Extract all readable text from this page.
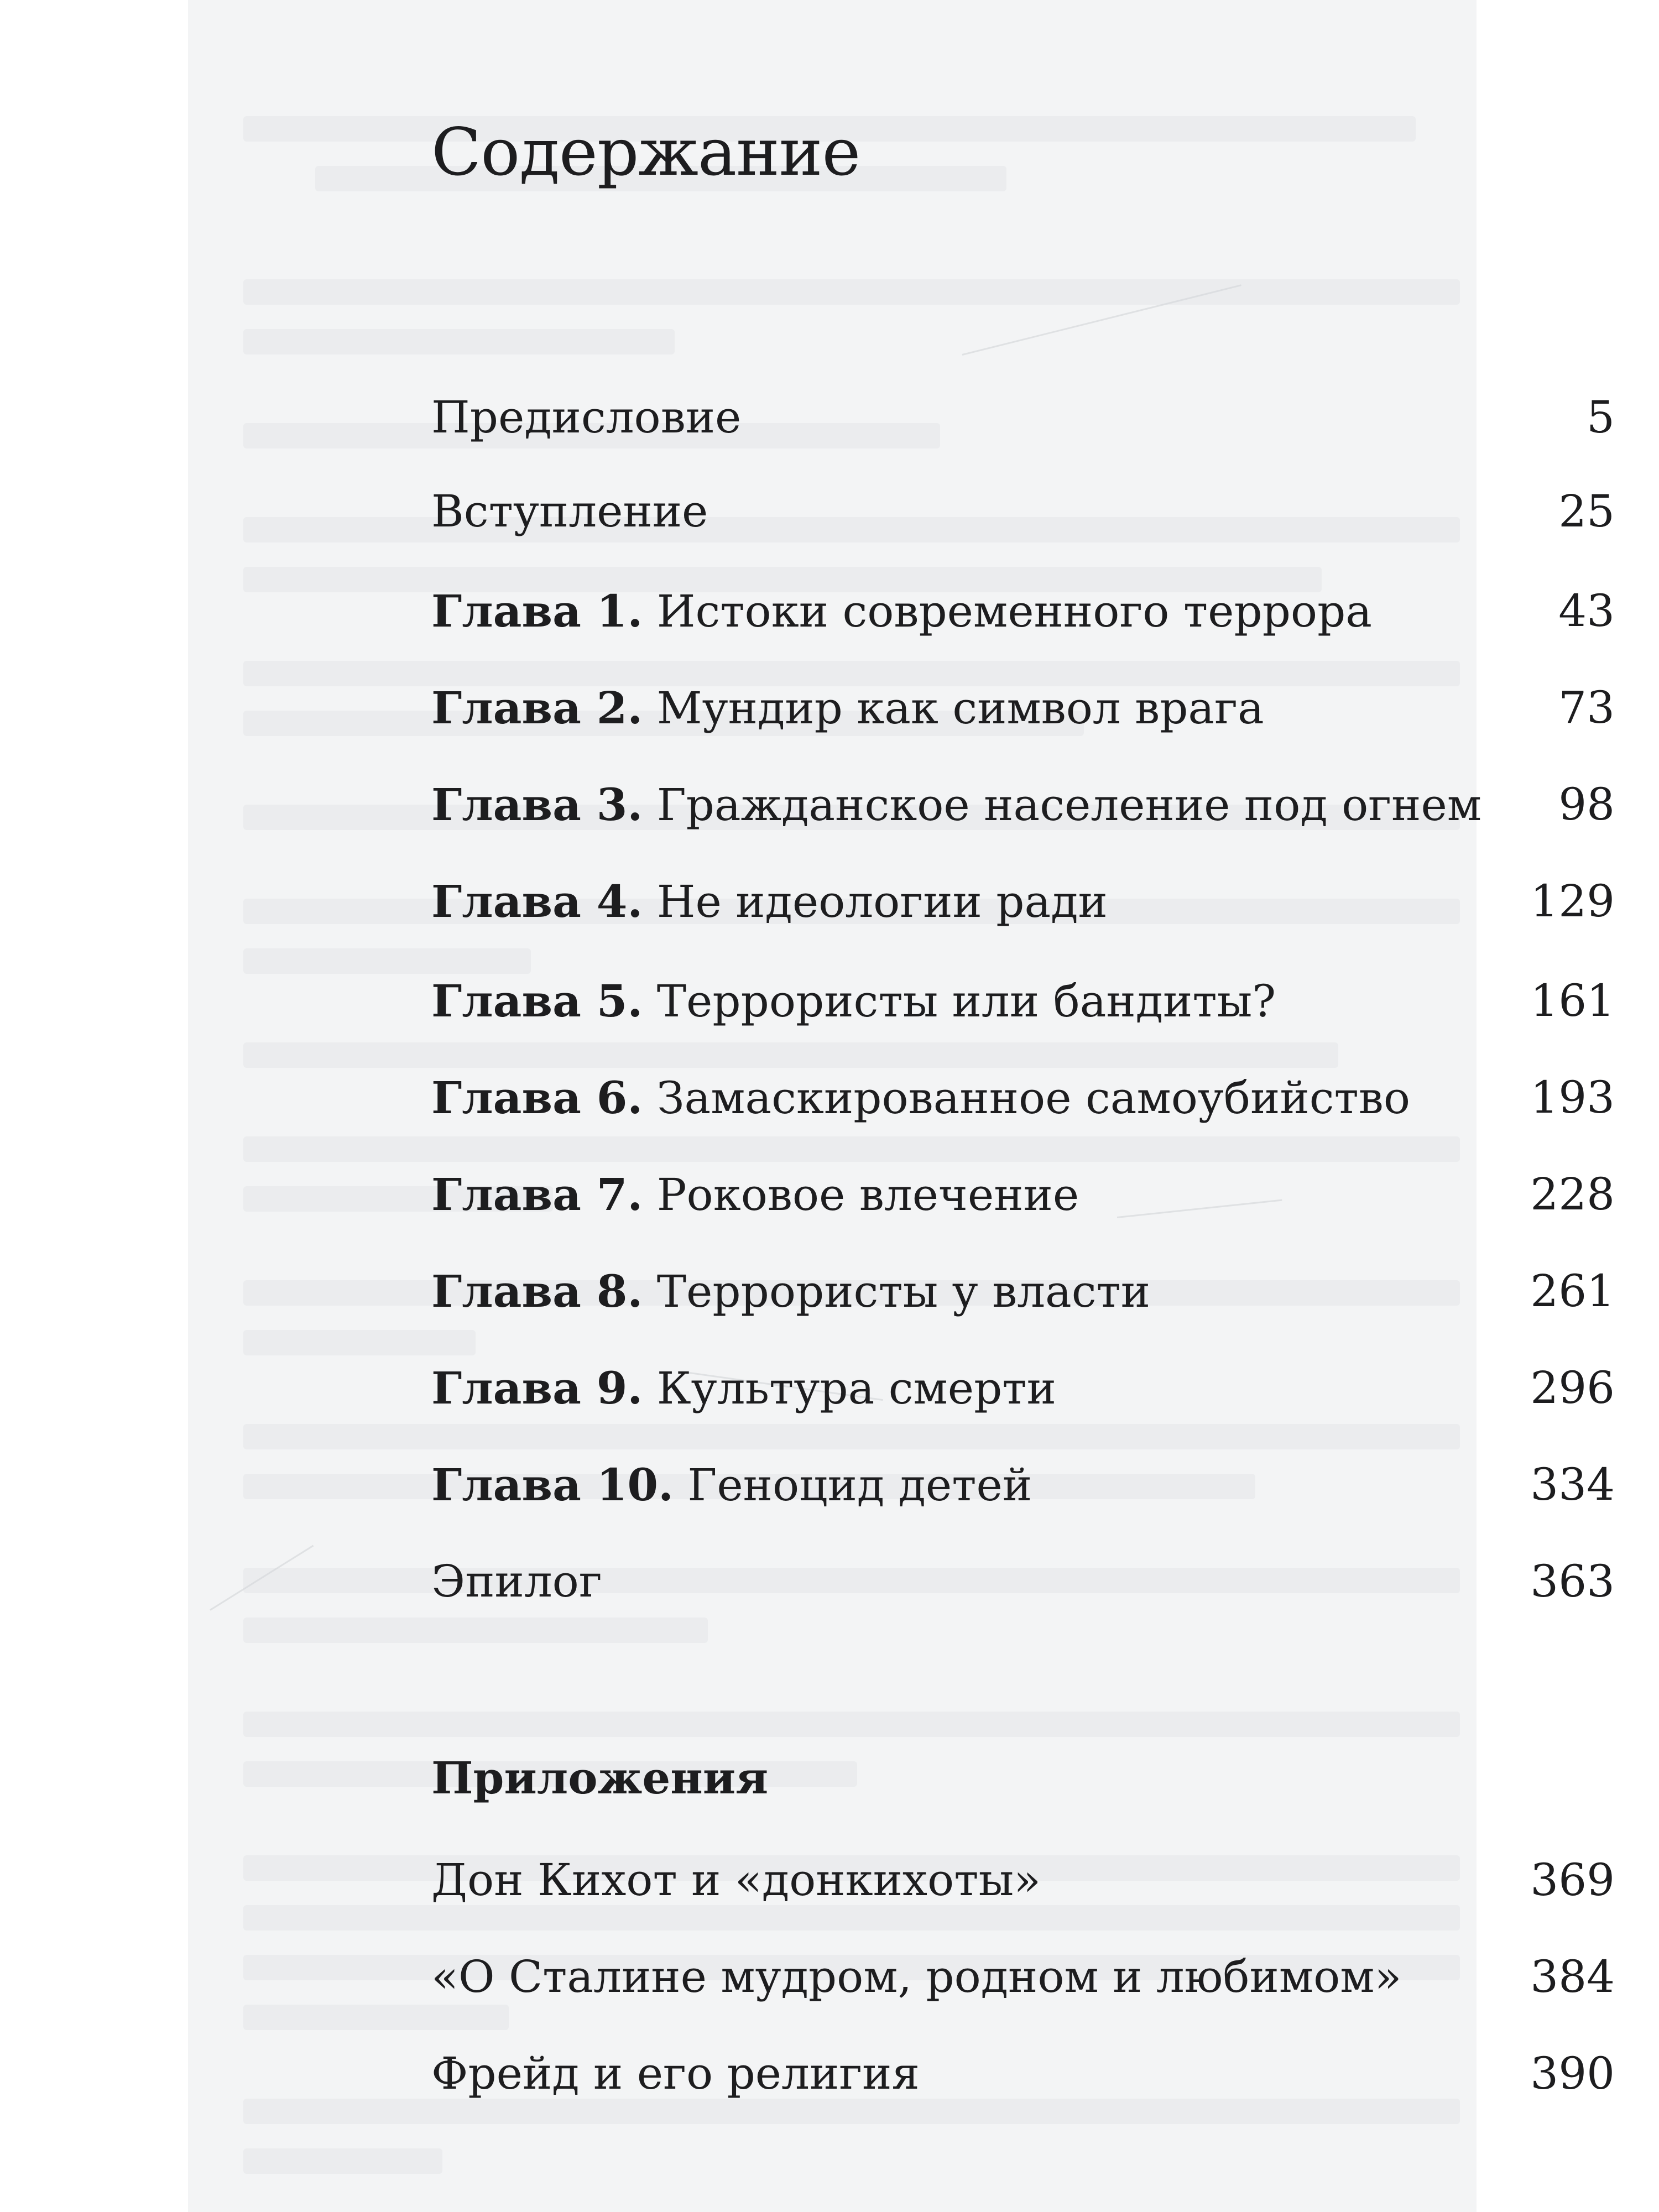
Содержание
Предисловие	5
Вступление	25
Глава 1. Истоки современного террора	43
Глава 2. Мундир как символ врага	73
Глава 3. Гражданское население под огнем 98
Глава 4. Не идеологии ради	129
Глава 5. Террористы или бандиты?	161
Глава 6. Замаскированное самоубийство	193
Глава 7. Роковое влечение	228
Глава 8. Террористы у власти	261
Глава 9. Культура смерти	296
Глава 10. Геноцид детей	334
Эпилог	363
Приложения
Дон Кихот и «донкихоты»	369
«О Сталине мудром, родном и любимом»	384
Фрейд и его религия	390
